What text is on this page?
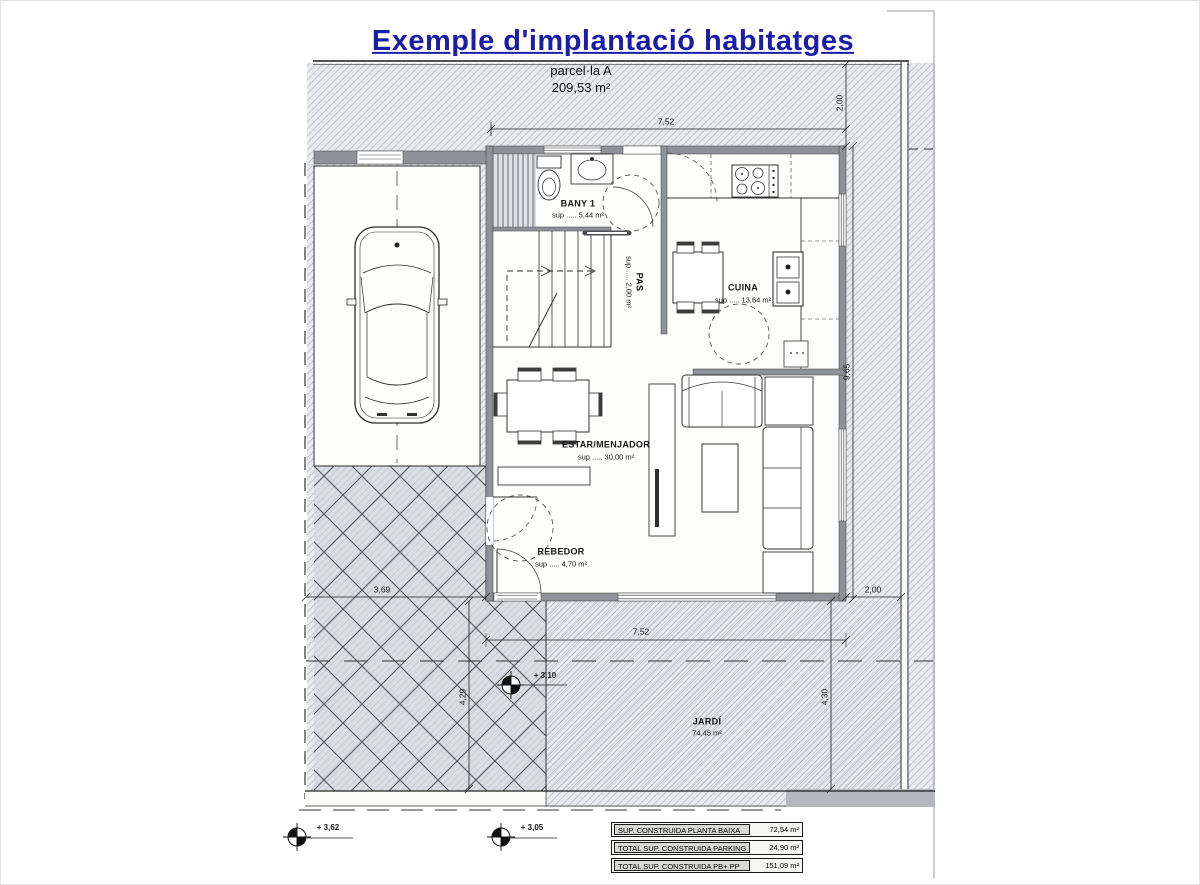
Exemple d'implantació habitatges
parcel·la A
209,53 m²
BANY 1
sup ..... 5,44 m²
PAS
sup ..... 2,00 m²	CUINA
sup ..... 13,64 m²
ESTAR/MENJADOR
sup ..... 30,00 m²
REBEDOR
sup ..... 4,70 m²
JARDÍ
74,45 m²
7,52
2,00
9,65
3,69	2,00
7,52
4,30
4,29
+ 3,10
+ 3,62	+ 3,05	SUP. CONSTRUIDA PLANTA BAIXA	72,54 m²
TOTAL SUP. CONSTRUIDA PARKING	24,90 m²
TOTAL SUP. CONSTRUIDA PB+ PP	151,09 m²
